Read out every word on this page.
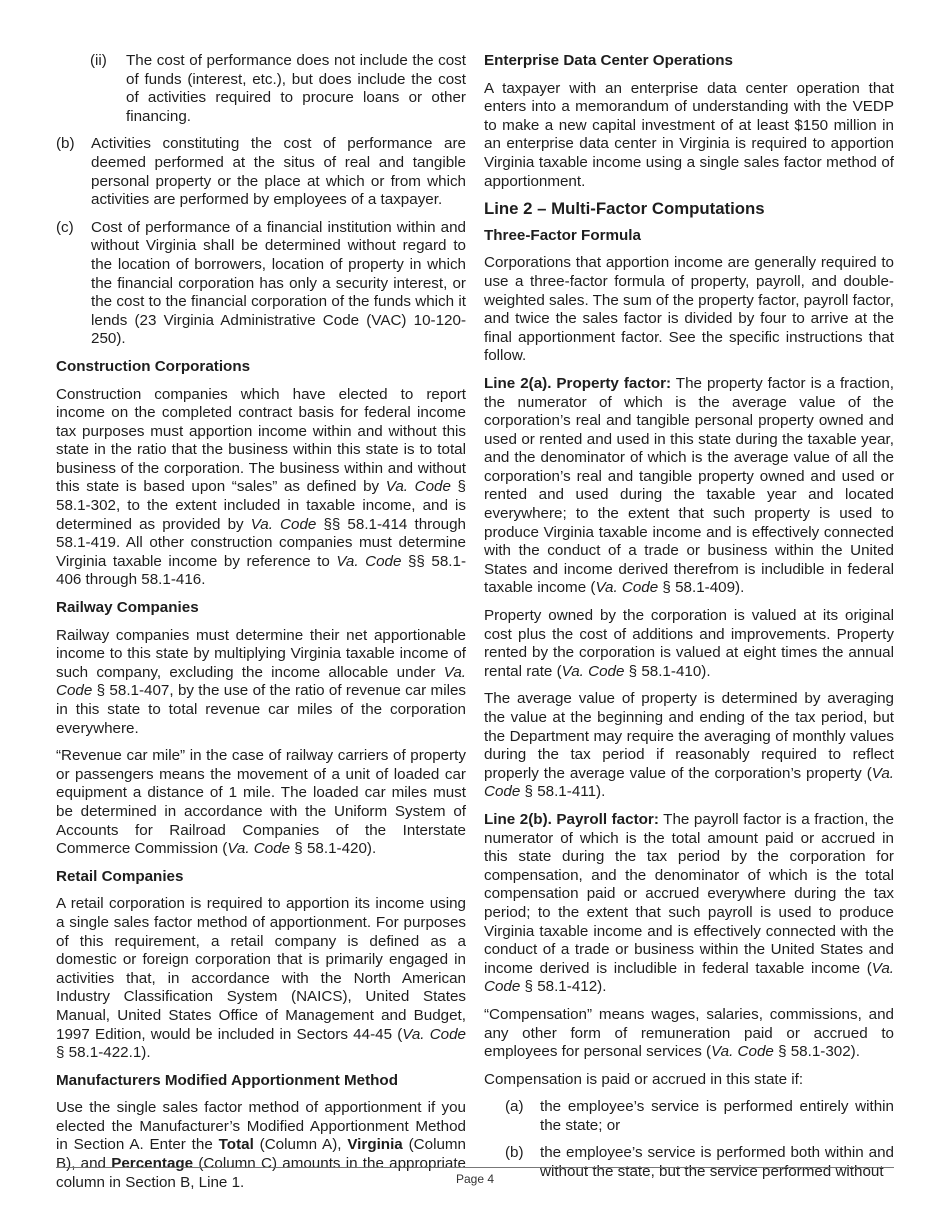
(ii)	The cost of performance does not include the cost of funds (interest, etc.), but does include the cost of activities required to procure loans or other financing.
(b)	Activities constituting the cost of performance are deemed performed at the situs of real and tangible personal property or the place at which or from which activities are performed by employees of a taxpayer.
(c)	Cost of performance of a financial institution within and without Virginia shall be determined without regard to the location of borrowers, location of property in which the financial corporation has only a security interest, or the cost to the financial corporation of the funds which it lends (23 Virginia Administrative Code (VAC) 10-120-250).
Construction Corporations

Construction companies which have elected to report income on the completed contract basis for federal income tax purposes must apportion income within and without this state in the ratio that the business within this state is to total business of the corporation. The business within and without this state is based upon “sales” as defined by Va. Code § 58.1-302, to the extent included in taxable income, and is determined as provided by Va. Code §§ 58.1-414 through 58.1-419. All other construction companies must determine Virginia taxable income by reference to Va. Code §§ 58.1-406 through 58.1-416.

Railway Companies

Railway companies must determine their net apportionable income to this state by multiplying Virginia taxable income of such company, excluding the income allocable under Va. Code § 58.1-407, by the use of the ratio of revenue car miles in this state to total revenue car miles of the corporation everywhere.

“Revenue car mile” in the case of railway carriers of property or passengers means the movement of a unit of loaded car equipment a distance of 1 mile. The loaded car miles must be determined in accordance with the Uniform System of Accounts for Railroad Companies of the Interstate Commerce Commission (Va. Code § 58.1-420).

Retail Companies

A retail corporation is required to apportion its income using a single sales factor method of apportionment. For purposes of this requirement, a retail company is defined as a domestic or foreign corporation that is primarily engaged in activities that, in accordance with the North American Industry Classification System (NAICS), United States Manual, United States Office of Management and Budget, 1997 Edition, would be included in Sectors 44-45 (Va. Code § 58.1-422.1).

Manufacturers Modified Apportionment Method

Use the single sales factor method of apportionment if you elected the Manufacturer’s Modified Apportionment Method in Section A. Enter the Total (Column A), Virginia (Column B), and Percentage (Column C) amounts in the appropriate column in Section B, Line 1.

Enterprise Data Center Operations

A taxpayer with an enterprise data center operation that enters into a memorandum of understanding with the VEDP to make a new capital investment of at least $150 million in an enterprise data center in Virginia is required to apportion Virginia taxable income using a single sales factor method of apportionment.

Line 2 – Multi-Factor Computations
Three-Factor Formula

Corporations that apportion income are generally required to use a three-factor formula of property, payroll, and double-weighted sales. The sum of the property factor, payroll factor, and twice the sales factor is divided by four to arrive at the final apportionment factor. See the specific instructions that follow.

Line 2(a). Property factor: The property factor is a fraction, the numerator of which is the average value of the corporation’s real and tangible personal property owned and used or rented and used in this state during the taxable year, and the denominator of which is the average value of all the corporation’s real and tangible property owned and used or rented and used during the taxable year and located everywhere; to the extent that such property is used to produce Virginia taxable income and is effectively connected with the conduct of a trade or business within the United States and income derived therefrom is includible in federal taxable income (Va. Code § 58.1-409).

Property owned by the corporation is valued at its original cost plus the cost of additions and improvements. Property rented by the corporation is valued at eight times the annual rental rate (Va. Code § 58.1-410).

The average value of property is determined by averaging the value at the beginning and ending of the tax period, but the Department may require the averaging of monthly values during the tax period if reasonably required to reflect properly the average value of the corporation’s property (Va. Code § 58.1-411).

Line 2(b). Payroll factor: The payroll factor is a fraction, the numerator of which is the total amount paid or accrued in this state during the tax period by the corporation for compensation, and the denominator of which is the total compensation paid or accrued everywhere during the tax period; to the extent that such payroll is used to produce Virginia taxable income and is effectively connected with the conduct of a trade or business within the United States and income derived is includible in federal taxable income (Va. Code § 58.1-412).

“Compensation” means wages, salaries, commissions, and any other form of remuneration paid or accrued to employees for personal services (Va. Code § 58.1-302).

Compensation is paid or accrued in this state if:

(a)	the employee’s service is performed entirely within the state; or
(b)	the employee’s service is performed both within and without the state, but the service performed without
Page 4
